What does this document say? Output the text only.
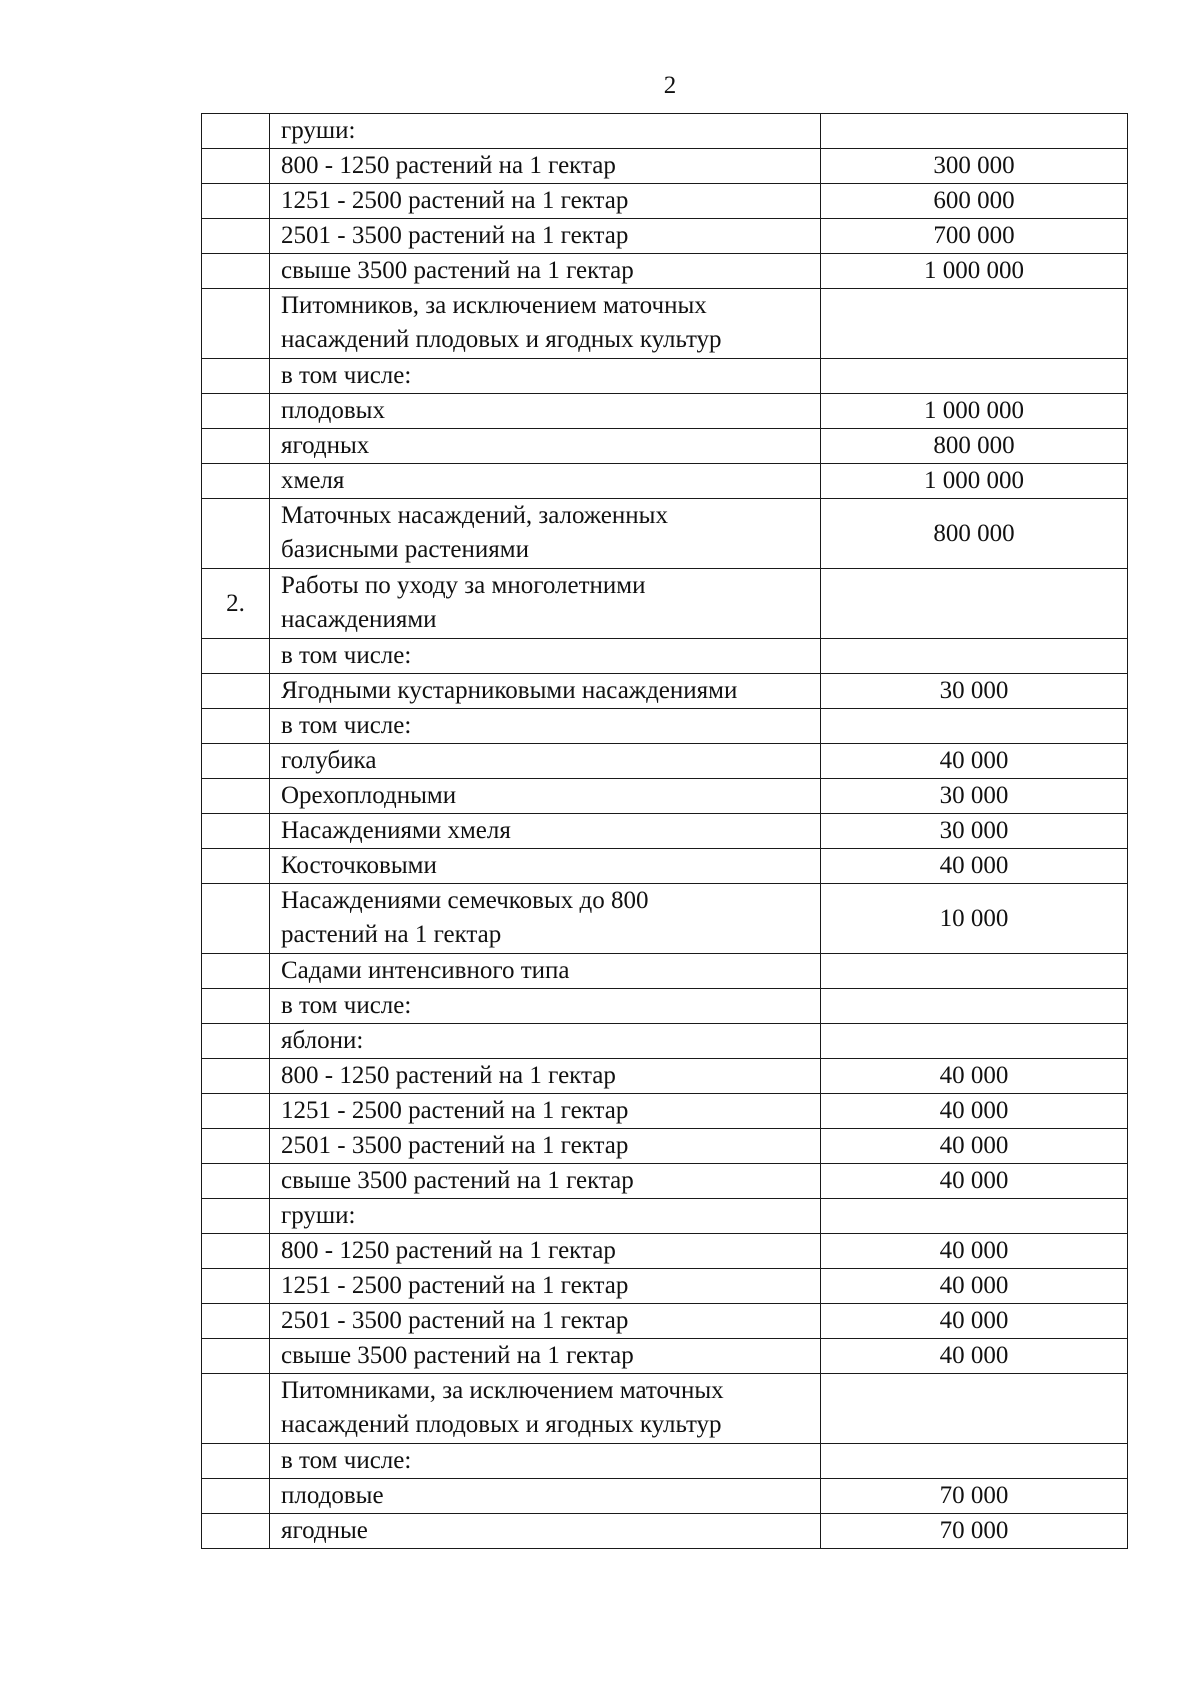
2
	груши:	
	800 - 1250 растений на 1 гектар	300 000
	1251 - 2500 растений на 1 гектар	600 000
	2501 - 3500 растений на 1 гектар	700 000
	свыше 3500 растений на 1 гектар	1 000 000
	Питомников, за исключением маточных
насаждений плодовых и ягодных культур	
	в том числе:	
	плодовых	1 000 000
	ягодных	800 000
	хмеля	1 000 000
	Маточных насаждений, заложенных
базисными растениями	800 000
2.	Работы по уходу за многолетними
насаждениями	
	в том числе:	
	Ягодными кустарниковыми насаждениями	30 000
	в том числе:	
	голубика	40 000
	Орехоплодными	30 000
	Насаждениями хмеля	30 000
	Косточковыми	40 000
	Насаждениями семечковых до 800
растений на 1 гектар	10 000
	Садами интенсивного типа	
	в том числе:	
	яблони:	
	800 - 1250 растений на 1 гектар	40 000
	1251 - 2500 растений на 1 гектар	40 000
	2501 - 3500 растений на 1 гектар	40 000
	свыше 3500 растений на 1 гектар	40 000
	груши:	
	800 - 1250 растений на 1 гектар	40 000
	1251 - 2500 растений на 1 гектар	40 000
	2501 - 3500 растений на 1 гектар	40 000
	свыше 3500 растений на 1 гектар	40 000
	Питомниками, за исключением маточных
насаждений плодовых и ягодных культур	
	в том числе:	
	плодовые	70 000
	ягодные	70 000
